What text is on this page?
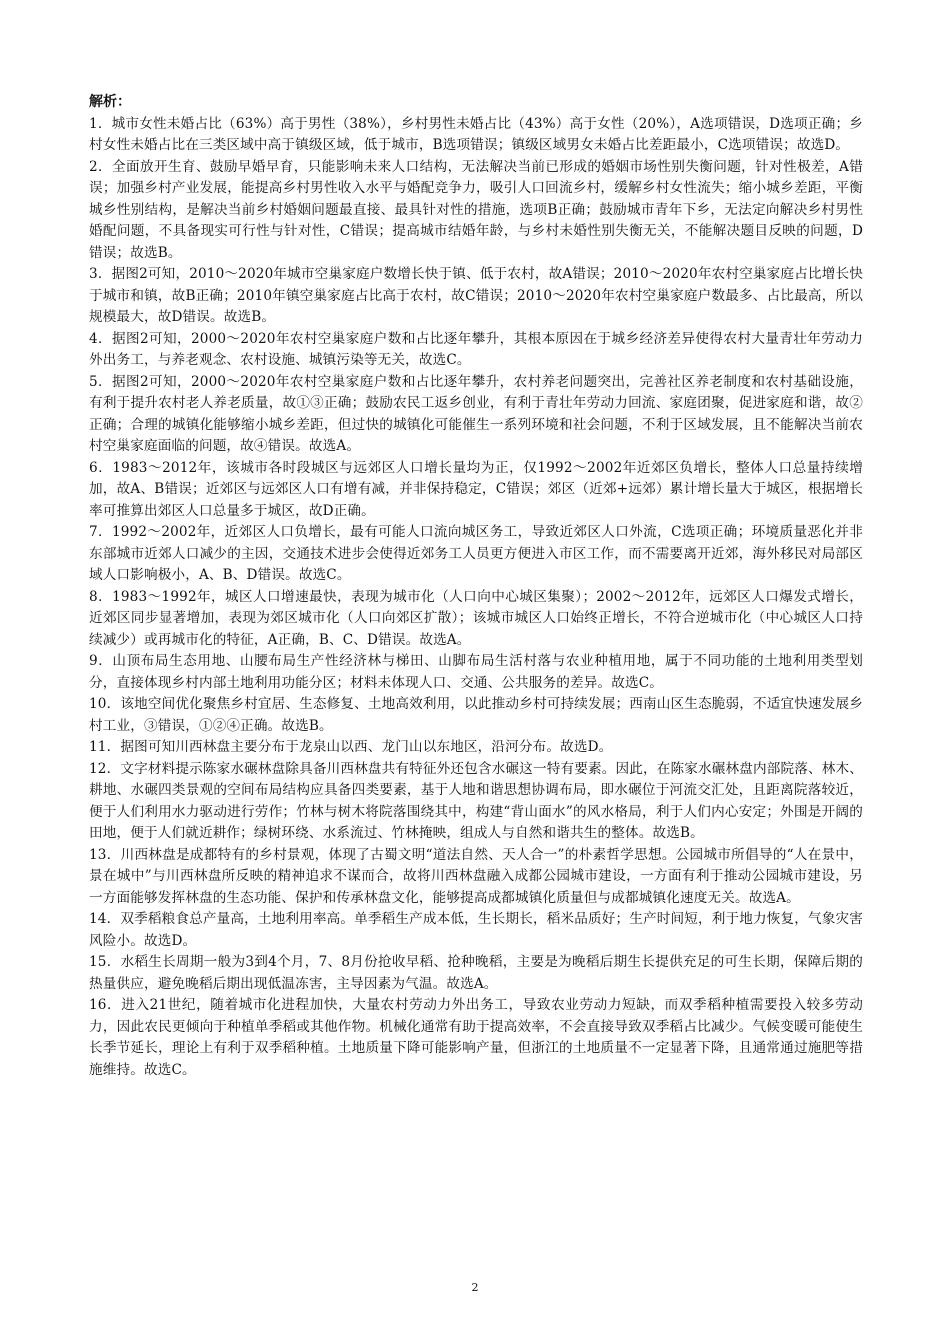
解析：

1．城市女性未婚占比（63%）高于男性（38%），乡村男性未婚占比（43%）高于女性（20%），A选项错误，D选项正确；乡村女性未婚占比在三类区域中高于镇级区域，低于城市，B选项错误；镇级区域男女未婚占比差距最小，C选项错误；故选D。

2．全面放开生育、鼓励早婚早育，只能影响未来人口结构，无法解决当前已形成的婚姻市场性别失衡问题，针对性极差，A错误；加强乡村产业发展，能提高乡村男性收入水平与婚配竞争力，吸引人口回流乡村，缓解乡村女性流失；缩小城乡差距，平衡城乡性别结构，是解决当前乡村婚姻问题最直接、最具针对性的措施，选项B正确；鼓励城市青年下乡，无法定向解决乡村男性婚配问题，不具备现实可行性与针对性，C错误；提高城市结婚年龄，与乡村未婚性别失衡无关，不能解决题目反映的问题，D错误；故选B。

3．据图2可知，2010～2020年城市空巢家庭户数增长快于镇、低于农村，故A错误；2010～2020年农村空巢家庭占比增长快于城市和镇，故B正确；2010年镇空巢家庭占比高于农村，故C错误；2010～2020年农村空巢家庭户数最多、占比最高，所以规模最大，故D错误。故选B。

4．据图2可知，2000～2020年农村空巢家庭户数和占比逐年攀升，其根本原因在于城乡经济差异使得农村大量青壮年劳动力外出务工，与养老观念、农村设施、城镇污染等无关，故选C。

5．据图2可知，2000～2020年农村空巢家庭户数和占比逐年攀升，农村养老问题突出，完善社区养老制度和农村基础设施，有利于提升农村老人养老质量，故①③正确；鼓励农民工返乡创业，有利于青壮年劳动力回流、家庭团聚，促进家庭和谐，故②正确；合理的城镇化能够缩小城乡差距，但过快的城镇化可能催生一系列环境和社会问题，不利于区域发展，且不能解决当前农村空巢家庭面临的问题，故④错误。故选A。

6．1983～2012年，该城市各时段城区与远郊区人口增长量均为正，仅1992～2002年近郊区负增长，整体人口总量持续增加，故A、B错误；近郊区与远郊区人口有增有减，并非保持稳定，C错误；郊区（近郊+远郊）累计增长量大于城区，根据增长率可推算出郊区人口总量多于城区，故D正确。

7．1992～2002年，近郊区人口负增长，最有可能人口流向城区务工，导致近郊区人口外流，C选项正确；环境质量恶化并非东部城市近郊人口减少的主因，交通技术进步会使得近郊务工人员更方便进入市区工作，而不需要离开近郊，海外移民对局部区域人口影响极小，A、B、D错误。故选C。

8．1983～1992年，城区人口增速最快，表现为城市化（人口向中心城区集聚）；2002～2012年，远郊区人口爆发式增长，近郊区同步显著增加，表现为郊区城市化（人口向郊区扩散）；该城市城区人口始终正增长，不符合逆城市化（中心城区人口持续减少）或再城市化的特征，A正确，B、C、D错误。故选A。

9．山顶布局生态用地、山腰布局生产性经济林与梯田、山脚布局生活村落与农业种植用地，属于不同功能的土地利用类型划分，直接体现乡村内部土地利用功能分区；材料未体现人口、交通、公共服务的差异。故选C。

10．该地空间优化聚焦乡村宜居、生态修复、土地高效利用，以此推动乡村可持续发展；西南山区生态脆弱，不适宜快速发展乡村工业，③错误，①②④正确。故选B。

11．据图可知川西林盘主要分布于龙泉山以西、龙门山以东地区，沿河分布。故选D。

12．文字材料提示陈家水碾林盘除具备川西林盘共有特征外还包含水碾这一特有要素。因此，在陈家水碾林盘内部院落、林木、耕地、水碾四类景观的空间布局结构应具备四类要素，基于人地和谐思想协调布局，即水碾位于河流交汇处，且距离院落较近，便于人们利用水力驱动进行劳作；竹林与树木将院落围绕其中，构建“背山面水”的风水格局，利于人们内心安定；外围是开阔的田地，便于人们就近耕作；绿树环绕、水系流过、竹林掩映，组成人与自然和谐共生的整体。故选B。

13．川西林盘是成都特有的乡村景观，体现了古蜀文明“道法自然、天人合一”的朴素哲学思想。公园城市所倡导的“人在景中，景在城中”与川西林盘所反映的精神追求不谋而合，故将川西林盘融入成都公园城市建设，一方面有利于推动公园城市建设，另一方面能够发挥林盘的生态功能、保护和传承林盘文化，能够提高成都城镇化质量但与成都城镇化速度无关。故选A。

14．双季稻粮食总产量高，土地利用率高。单季稻生产成本低，生长期长，稻米品质好；生产时间短，利于地力恢复，气象灾害风险小。故选D。

15．水稻生长周期一般为3到4个月，7、8月份抢收早稻、抢种晚稻，主要是为晚稻后期生长提供充足的可生长期，保障后期的热量供应，避免晚稻后期出现低温冻害，主导因素为气温。故选A。

16．进入21世纪，随着城市化进程加快，大量农村劳动力外出务工，导致农业劳动力短缺，而双季稻种植需要投入较多劳动力，因此农民更倾向于种植单季稻或其他作物。机械化通常有助于提高效率，不会直接导致双季稻占比减少。气候变暖可能使生长季节延长，理论上有利于双季稻种植。土地质量下降可能影响产量，但浙江的土地质量不一定显著下降，且通常通过施肥等措施维持。故选C。

2
